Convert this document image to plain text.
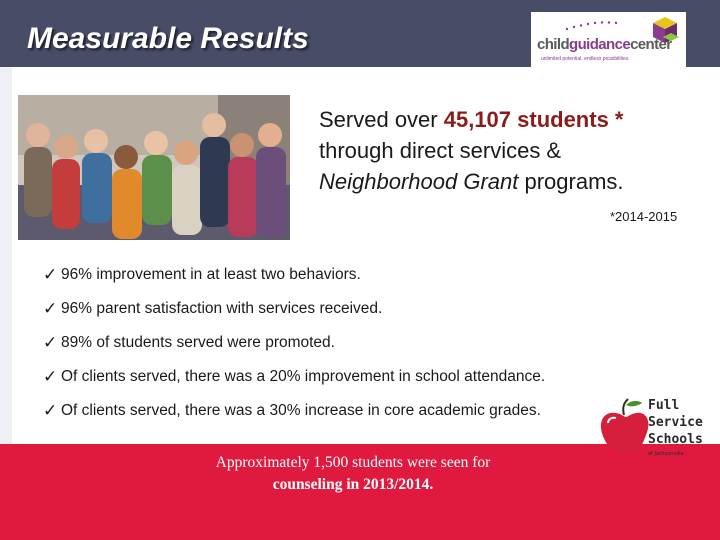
Measurable Results	childguidancecenter
unlimited potential. endless possibilities.
Served over 45,107 students *
through direct services &
Neighborhood Grant programs.
*2014-2015
✓ 96% improvement in at least two behaviors.
✓ 96% parent satisfaction with services received.
✓ 89% of students served were promoted.
✓ Of clients served, there was a 20% improvement in school attendance.
✓ Of clients served, there was a 30% increase in core academic grades.
Approximately 1,500 students were seen for
counseling in 2013/2014.
Full
Service
Schools
of Jacksonville
